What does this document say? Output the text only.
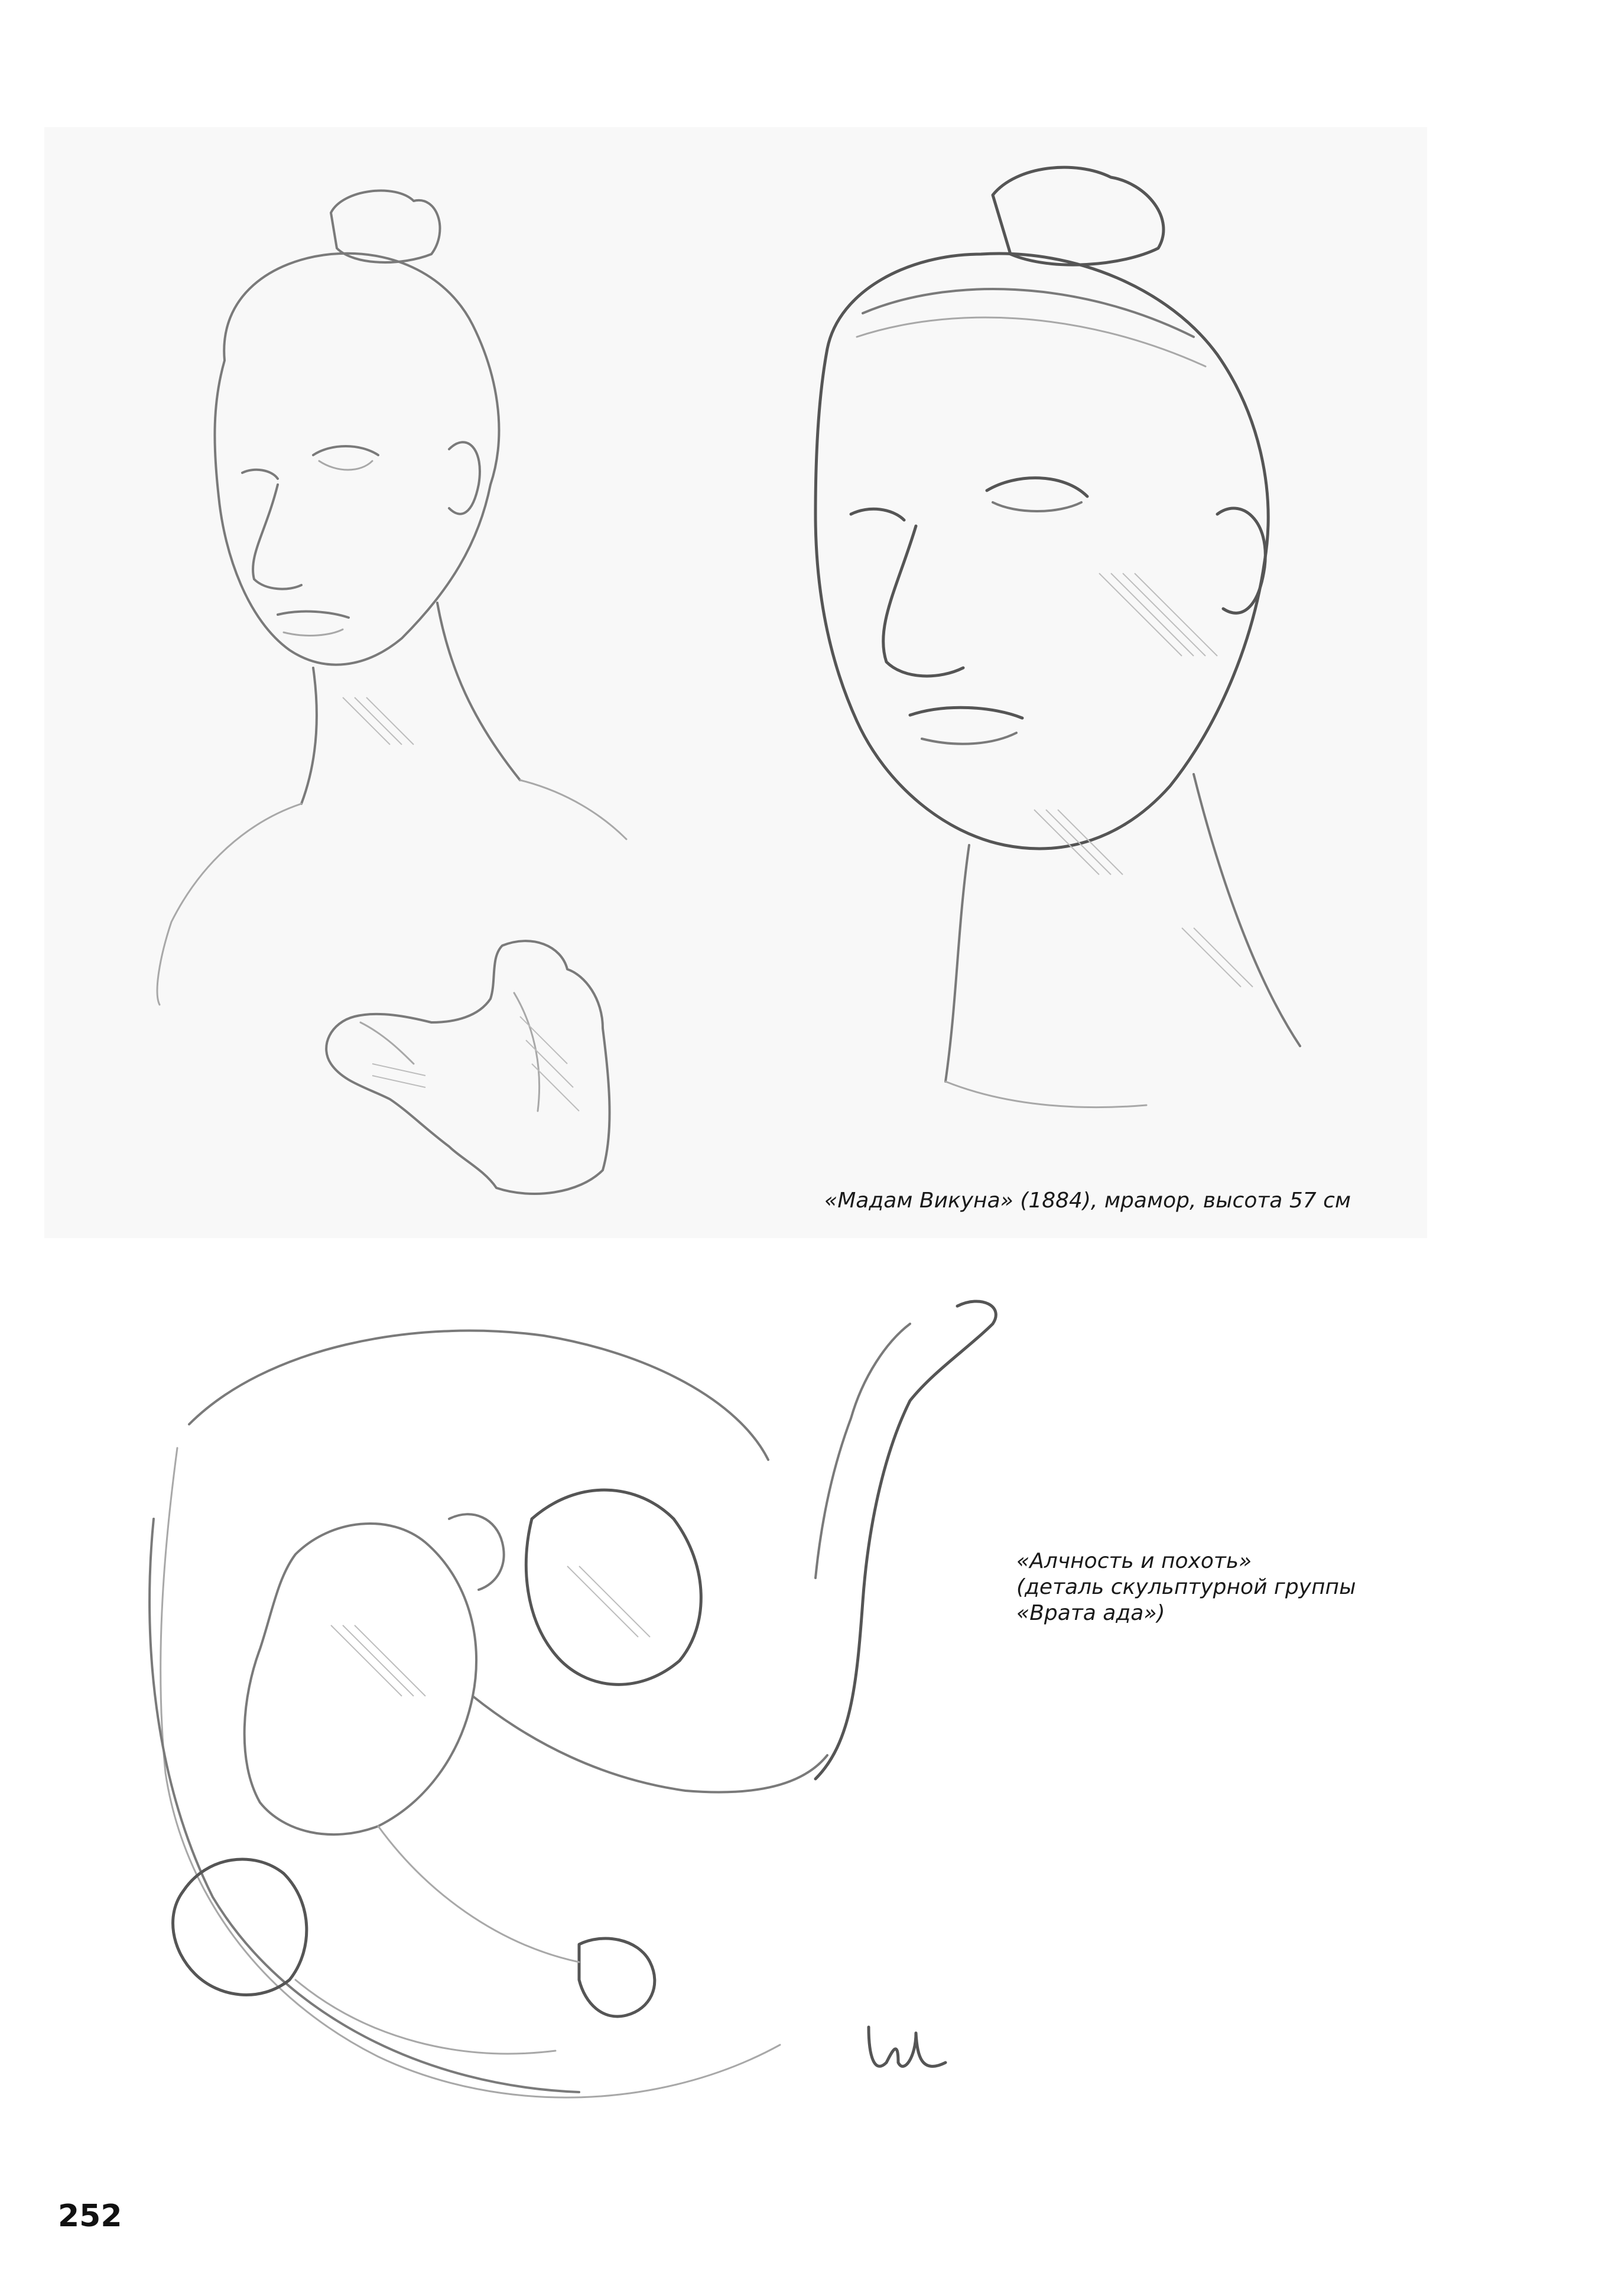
«Мадам Викуна» (1884), мрамор, высота 57 см
«Алчность и похоть»
(деталь скульптурной группы
«Врата ада»)
252
